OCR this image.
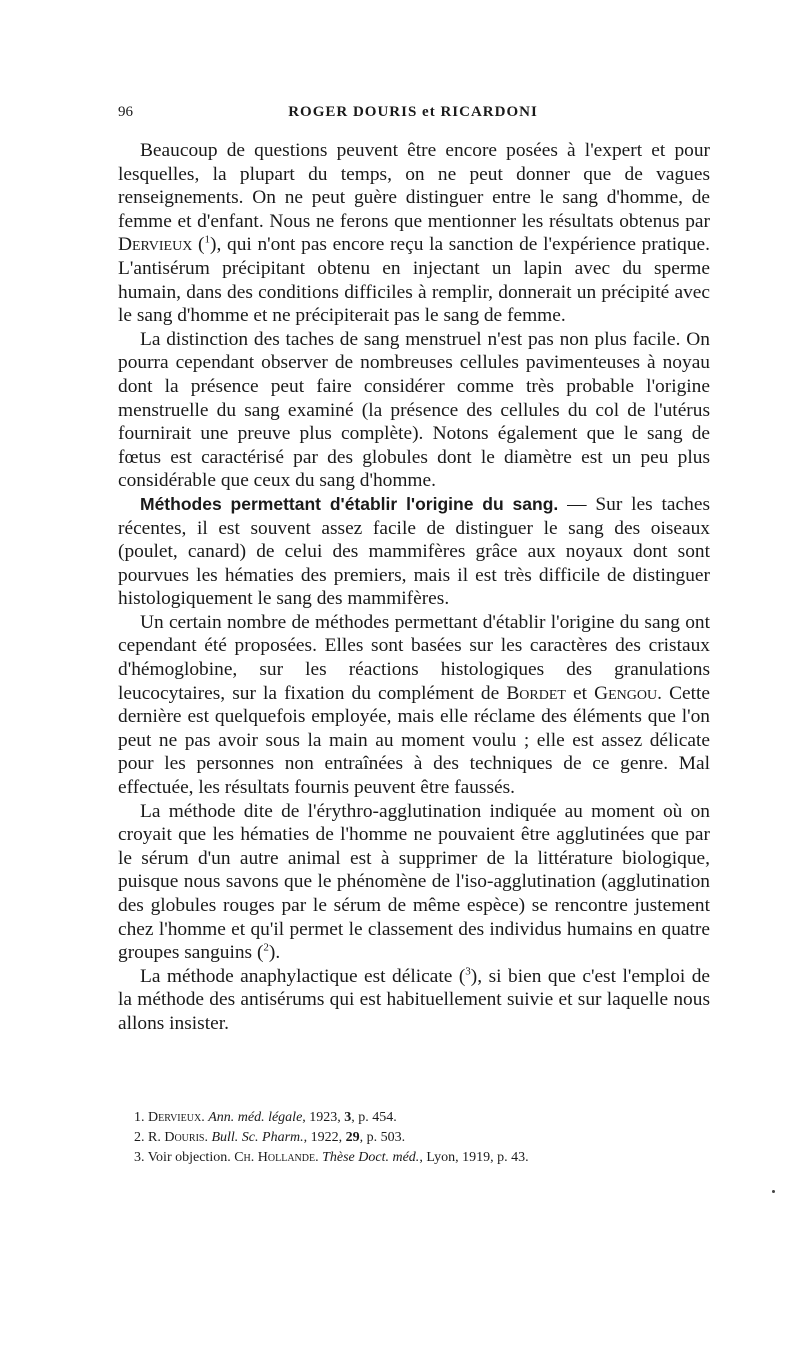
96	ROGER DOURIS et RICARDONI

Beaucoup de questions peuvent être encore posées à l'expert et pour lesquelles, la plupart du temps, on ne peut donner que de vagues renseignements. On ne peut guère distinguer entre le sang d'homme, de femme et d'enfant. Nous ne ferons que mentionner les résultats obtenus par Dervieux ($^1$), qui n'ont pas encore reçu la sanction de l'expérience pratique. L'antisérum précipitant obtenu en injectant un lapin avec du sperme humain, dans des conditions difficiles à remplir, donnerait un précipité avec le sang d'homme et ne précipiterait pas le sang de femme.

La distinction des taches de sang menstruel n'est pas non plus facile. On pourra cependant observer de nombreuses cellules pavimenteuses à noyau dont la présence peut faire considérer comme très probable l'origine menstruelle du sang examiné (la présence des cellules du col de l'utérus fournirait une preuve plus complète). Notons également que le sang de fœtus est caractérisé par des globules dont le diamètre est un peu plus considérable que ceux du sang d'homme.

Méthodes permettant d'établir l'origine du sang. — Sur les taches récentes, il est souvent assez facile de distinguer le sang des oiseaux (poulet, canard) de celui des mammifères grâce aux noyaux dont sont pourvues les hématies des premiers, mais il est très difficile de distinguer histologiquement le sang des mammifères.

Un certain nombre de méthodes permettant d'établir l'origine du sang ont cependant été proposées. Elles sont basées sur les caractères des cristaux d'hémoglobine, sur les réactions histologiques des granulations leucocytaires, sur la fixation du complément de Bordet et Gengou. Cette dernière est quelquefois employée, mais elle réclame des éléments que l'on peut ne pas avoir sous la main au moment voulu ; elle est assez délicate pour les personnes non entraînées à des techniques de ce genre. Mal effectuée, les résultats fournis peuvent être faussés.

La méthode dite de l'érythro-agglutination indiquée au moment où on croyait que les hématies de l'homme ne pouvaient être agglutinées que par le sérum d'un autre animal est à supprimer de la littérature biologique, puisque nous savons que le phénomène de l'iso-agglutination (agglutination des globules rouges par le sérum de même espèce) se rencontre justement chez l'homme et qu'il permet le classement des individus humains en quatre groupes sanguins ($^2$).

La méthode anaphylactique est délicate ($^3$), si bien que c'est l'emploi de la méthode des antisérums qui est habituellement suivie et sur laquelle nous allons insister.

1. Dervieux. Ann. méd. légale, 1923, 3, p. 454.

2. R. Douris. Bull. Sc. Pharm., 1922, 29, p. 503.

3. Voir objection. Ch. Hollande. Thèse Doct. méd., Lyon, 1919, p. 43.
